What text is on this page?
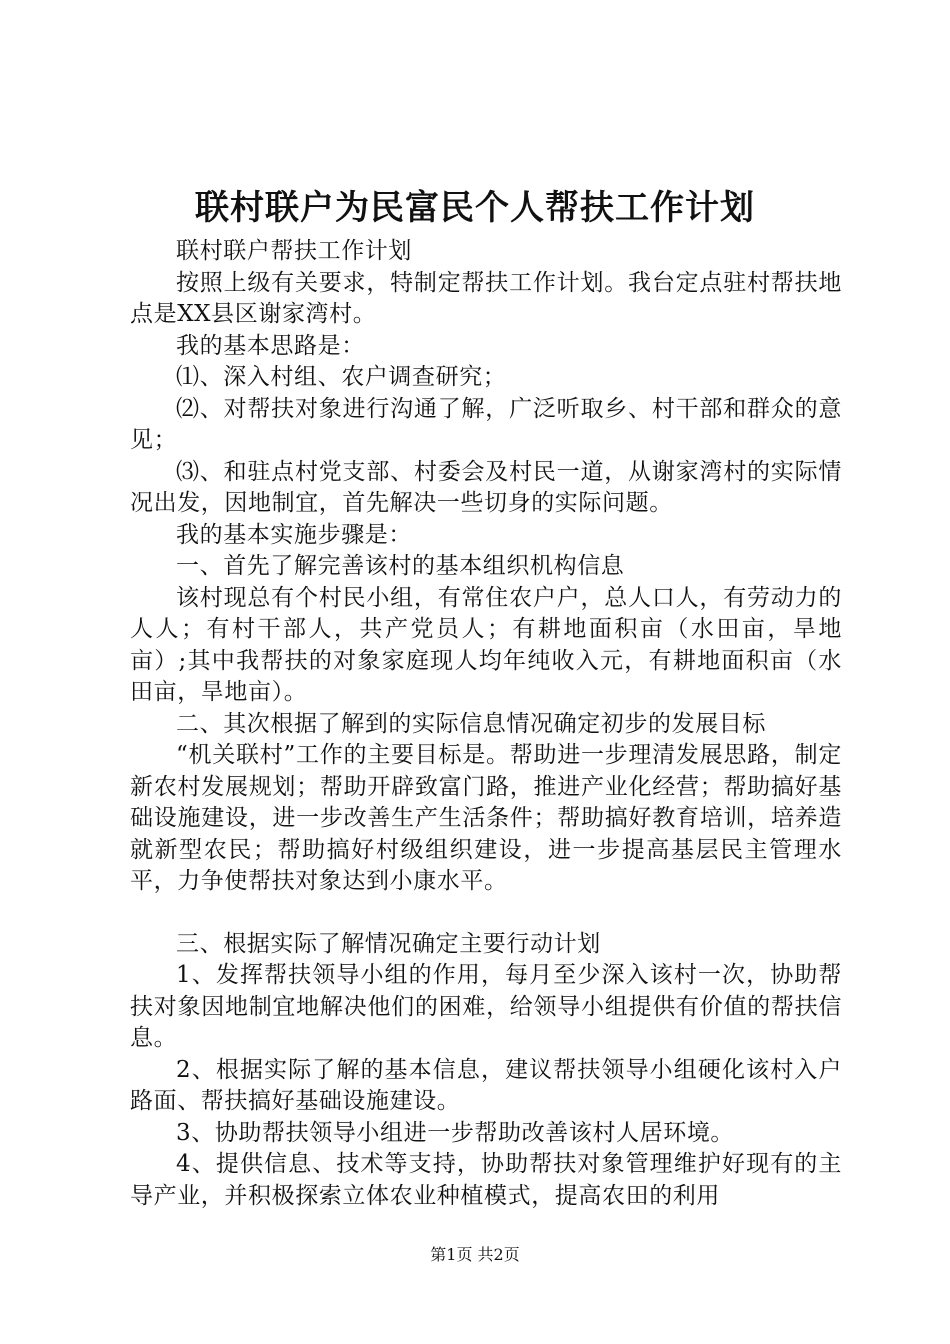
联村联户为民富民个人帮扶工作计划

联村联户帮扶工作计划

按照上级有关要求，特制定帮扶工作计划。我台定点驻村帮扶地点是XX县区谢家湾村。

我的基本思路是：

⑴、深入村组、农户调查研究；

⑵、对帮扶对象进行沟通了解，广泛听取乡、村干部和群众的意见；

⑶、和驻点村党支部、村委会及村民一道，从谢家湾村的实际情况出发，因地制宜，首先解决一些切身的实际问题。

我的基本实施步骤是：

一、首先了解完善该村的基本组织机构信息

该村现总有个村民小组，有常住农户户，总人口人，有劳动力的人人；有村干部人，共产党员人；有耕地面积亩（水田亩，旱地亩）;其中我帮扶的对象家庭现人均年纯收入元，有耕地面积亩（水田亩，旱地亩）。

二、其次根据了解到的实际信息情况确定初步的发展目标

“机关联村”工作的主要目标是。帮助进一步理清发展思路，制定新农村发展规划；帮助开辟致富门路，推进产业化经营；帮助搞好基础设施建设，进一步改善生产生活条件；帮助搞好教育培训，培养造就新型农民；帮助搞好村级组织建设，进一步提高基层民主管理水平，力争使帮扶对象达到小康水平。

三、根据实际了解情况确定主要行动计划

1、发挥帮扶领导小组的作用，每月至少深入该村一次，协助帮扶对象因地制宜地解决他们的困难，给领导小组提供有价值的帮扶信息。

2、根据实际了解的基本信息，建议帮扶领导小组硬化该村入户路面、帮扶搞好基础设施建设。

3、协助帮扶领导小组进一步帮助改善该村人居环境。

4、提供信息、技术等支持，协助帮扶对象管理维护好现有的主导产业，并积极探索立体农业种植模式，提高农田的利用

第1页 共2页
